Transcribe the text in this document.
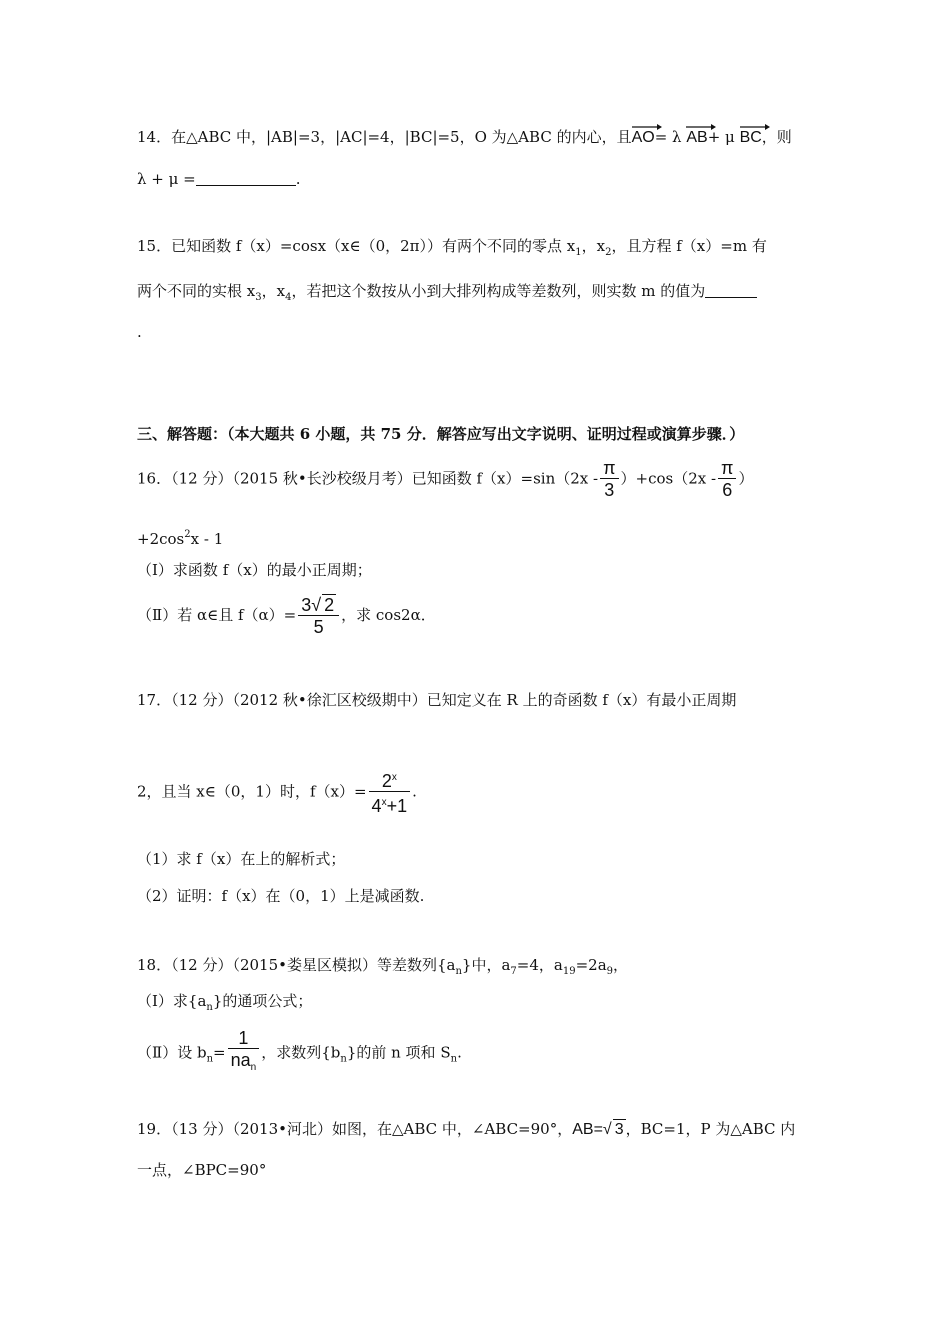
14．在△ABC 中，|AB|=3，|AC|=4，|BC|=5，O 为△ABC 的内心，且
AO= λ AB+ μ BC，则
λ + μ =	.
15．已知函数 f（x）=cosx（x∈（0，2π））有两个不同的零点 $x_1$，$x_2$，且方程 f（x）=m 有
两个不同的实根 $x_3$，$x_4$，若把这个数按从小到大排列构成等差数列，则实数 m 的值为
.
三、解答题：（本大题共 6 小题，共 75 分．解答应写出文字说明、证明过程或演算步骤．）
16．（12 分）（2015 秋•长沙校级月考）已知函数 $f(x)=\sin(2x - \frac{\pi}{3} )+\cos(2x - \frac{\pi}{6}$ ）
$+2\cos^2x - 1$
（Ⅰ）求函数 f（x）的最小正周期；
（Ⅱ）若 α∈且 $f(\alpha)= \frac{3√ 2}{5}$ ，求 cos2α．
17．（12 分）（2012 秋•徐汇区校级期中）已知定义在 R 上的奇函数 f（x）有最小正周期
2，且当 x∈（0，1）时，$f(x)= \frac{2^x}{4^x+1}$ .
（1）求 f（x）在上的解析式；
（2）证明：f（x）在（0，1）上是减函数.
18．（12 分）（2015•娄星区模拟）等差数列$\{a_n\}$中，$a_7=4$，$a_{19}=2a_9$，
（Ⅰ）求$\{a_n\}$的通项公式；
（Ⅱ）设 $b_n= \frac{1}{na_n}$ ，求数列$\{b_n\}$的前 n 项和 $S_n$.
19．（13 分）（2013•河北）如图，在△ABC 中，∠ABC=90°，AB=√ 3 ，BC=1，P 为△ABC 内
一点，∠BPC=90°
